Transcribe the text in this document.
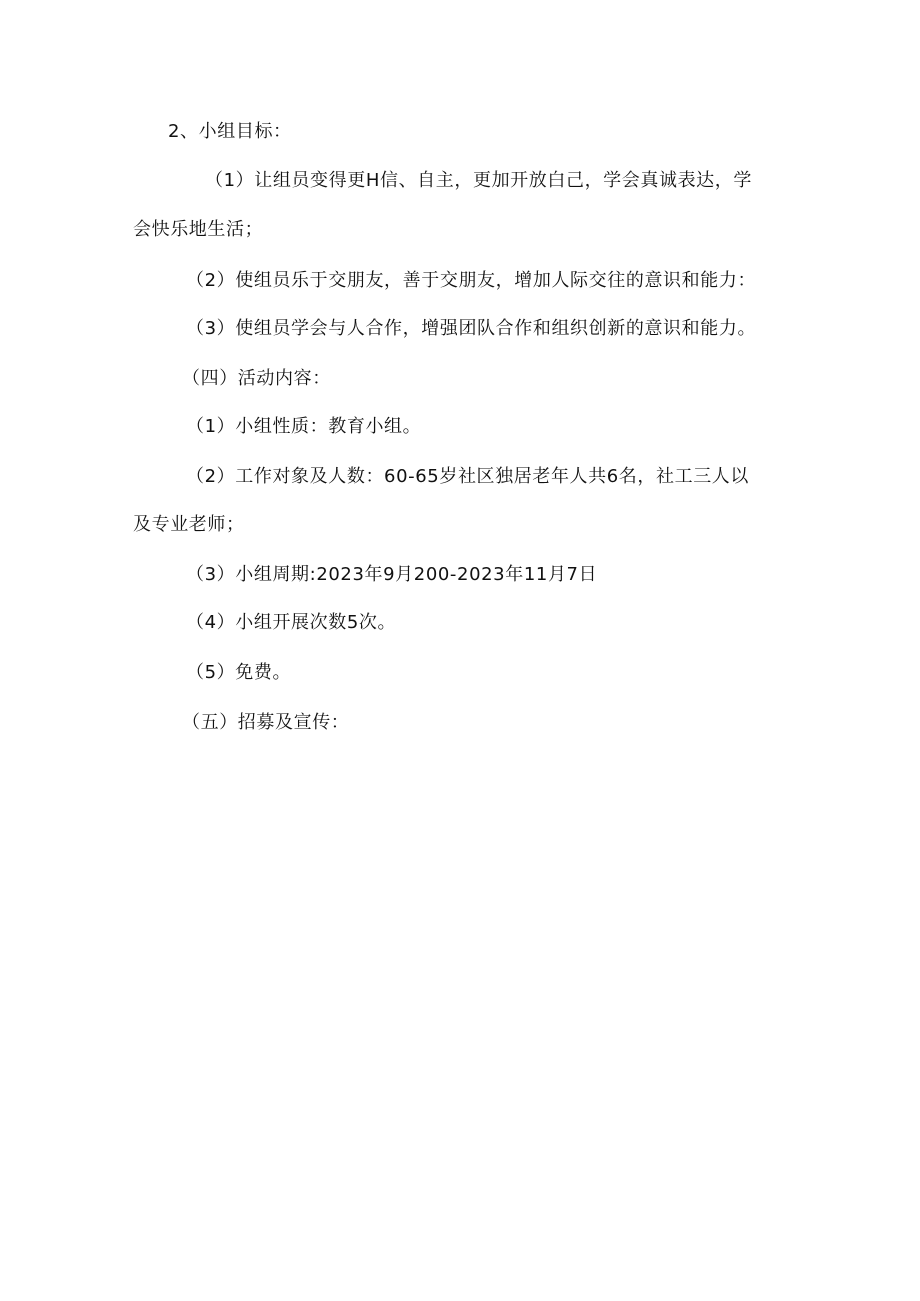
2、小组目标：
（1）让组员变得更H信、自主，更加开放白己，学会真诚表达，学
会快乐地生活；
（2）使组员乐于交朋友，善于交朋友，增加人际交往的意识和能力：
（3）使组员学会与人合作，增强团队合作和组织创新的意识和能力。
（四）活动内容：
（1）小组性质：教育小组。
（2）工作对象及人数：60-65岁社区独居老年人共6名，社工三人以
及专业老师；
（3）小组周期:2023年9月200-2023年11月7日
（4）小组开展次数5次。
（5）免费。
（五）招募及宣传：
